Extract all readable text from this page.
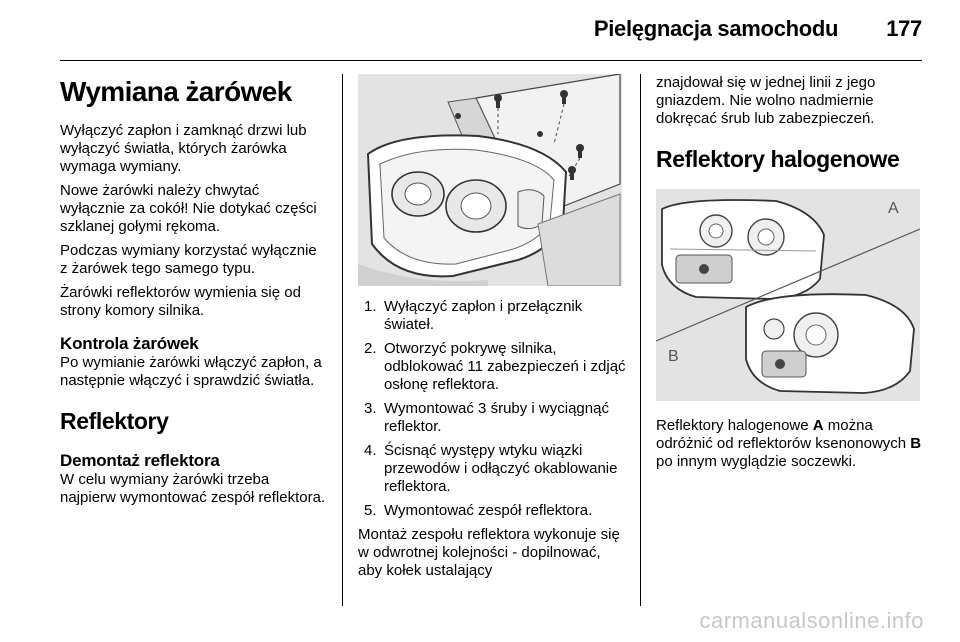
Pielęgnacja samochodu 177
Wymiana żarówek

Wyłączyć zapłon i zamknąć drzwi lub wyłączyć światła, których żarówka wymaga wymiany.

Nowe żarówki należy chwytać wyłącznie za cokół! Nie dotykać części szklanej gołymi rękoma.

Podczas wymiany korzystać wyłącznie z żarówek tego samego typu.

Żarówki reflektorów wymienia się od strony komory silnika.

Kontrola żarówek

Po wymianie żarówki włączyć zapłon, a następnie włączyć i sprawdzić światła.

Reflektory
Demontaż reflektora

W celu wymiany żarówki trzeba najpierw wymontować zespół reflektora.

1. Wyłączyć zapłon i przełącznik świateł.
2. Otworzyć pokrywę silnika, odblokować 11 zabezpieczeń i zdjąć osłonę reflektora.
3. Wymontować 3 śruby i wyciągnąć reflektor.
4. Ścisnąć występy wtyku wiązki przewodów i odłączyć okablowanie reflektora.
5. Wymontować zespół reflektora.

Montaż zespołu reflektora wykonuje się w odwrotnej kolejności - dopilnować, aby kołek ustalający

znajdował się w jednej linii z jego gniazdem. Nie wolno nadmiernie dokręcać śrub lub zabezpieczeń.

Reflektory halogenowe
A
B

Reflektory halogenowe A można odróżnić od reflektorów ksenonowych B po innym wyglądzie soczewki.

carmanualsonline.info
